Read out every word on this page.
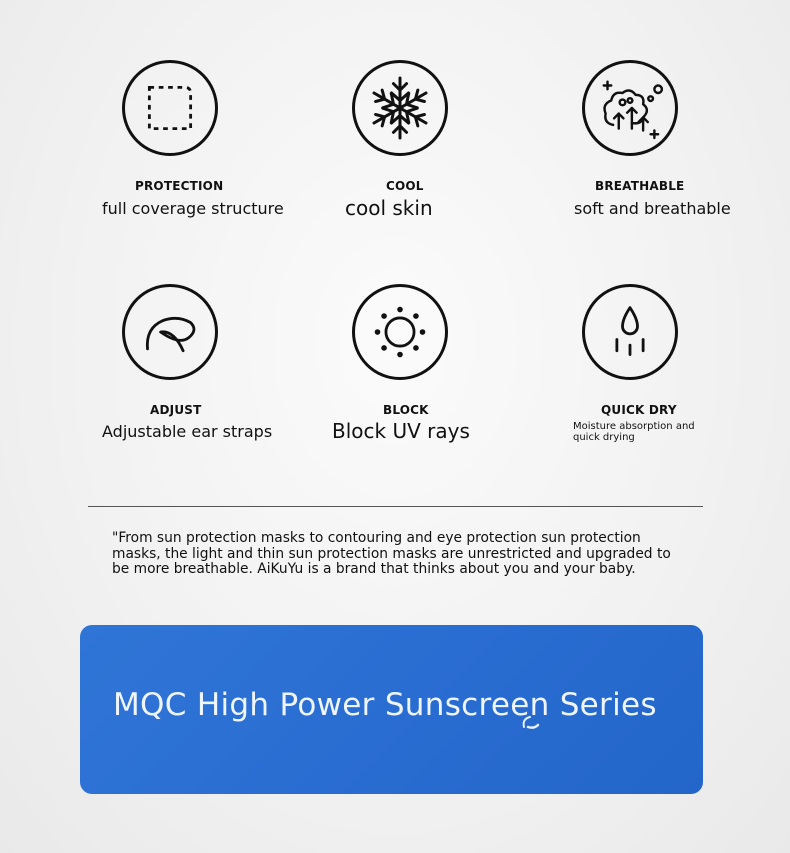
PROTECTION
full coverage structure
COOL
cool skin
BREATHABLE
soft and breathable
ADJUST
Adjustable ear straps
BLOCK
Block UV rays
QUICK DRY
Moisture absorption and quick drying
"From sun protection masks to contouring and eye protection sun protection masks, the light and thin sun protection masks are unrestricted and upgraded to be more breathable. AiKuYu is a brand that thinks about you and your baby.
MQC High Power Sunscreen Series
